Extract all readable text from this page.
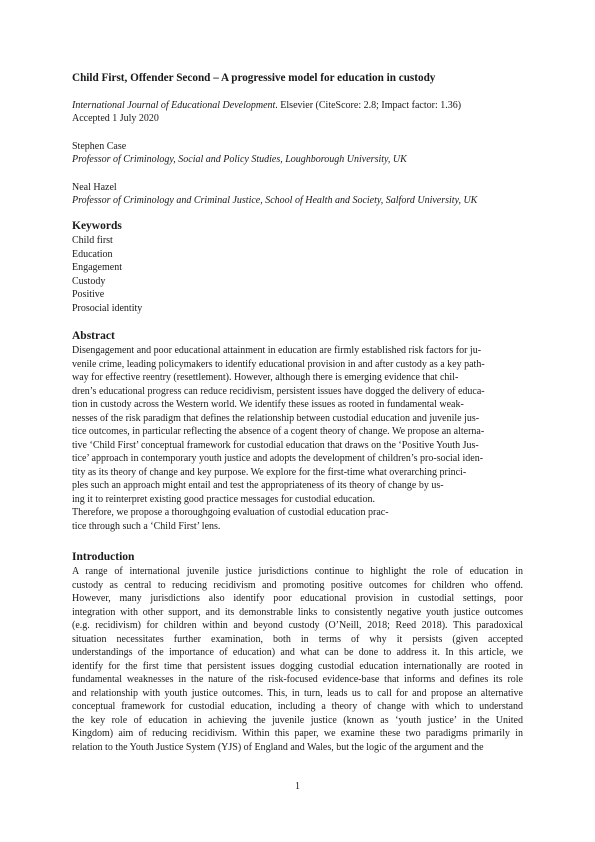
Child First, Offender Second – A progressive model for education in custody
International Journal of Educational Development. Elsevier (CiteScore: 2.8; Impact factor: 1.36)
Accepted 1 July 2020
Stephen Case
Professor of Criminology, Social and Policy Studies, Loughborough University, UK
Neal Hazel
Professor of Criminology and Criminal Justice, School of Health and Society, Salford University, UK
Keywords
Child first
Education
Engagement
Custody
Positive
Prosocial identity
Abstract
Disengagement and poor educational attainment in education are firmly established risk factors for ju-
venile crime, leading policymakers to identify educational provision in and after custody as a key path-
way for effective reentry (resettlement). However, although there is emerging evidence that chil-
dren’s educational progress can reduce recidivism, persistent issues have dogged the delivery of educa-
tion in custody across the Western world. We identify these issues as rooted in fundamental weak-
nesses of the risk paradigm that defines the relationship between custodial education and juvenile jus-
tice outcomes, in particular reflecting the absence of a cogent theory of change. We propose an alterna-
tive ‘Child First’ conceptual framework for custodial education that draws on the ‘Positive Youth Jus-
tice’ approach in contemporary youth justice and adopts the development of children’s pro-social iden-
tity as its theory of change and key purpose. We explore for the first-time what overarching princi-
ples such an approach might entail and test the appropriateness of its theory of change by us-
ing it to reinterpret existing good practice messages for custodial education.
Therefore, we propose a thoroughgoing evaluation of custodial education prac-
tice through such a ‘Child First’ lens.
Introduction
A range of international juvenile justice jurisdictions continue to highlight the role of education in
custody as central to reducing recidivism and promoting positive outcomes for children who offend.
However, many jurisdictions also identify poor educational provision in custodial settings, poor
integration with other support, and its demonstrable links to consistently negative youth justice outcomes
(e.g. recidivism) for children within and beyond custody (O’Neill, 2018; Reed 2018). This paradoxical
situation necessitates further examination, both in terms of why it persists (given accepted
understandings of the importance of education) and what can be done to address it. In this article, we
identify for the first time that persistent issues dogging custodial education internationally are rooted in
fundamental weaknesses in the nature of the risk-focused evidence-base that informs and defines its role
and relationship with youth justice outcomes. This, in turn, leads us to call for and propose an alternative
conceptual framework for custodial education, including a theory of change with which to understand
the key role of education in achieving the juvenile justice (known as ‘youth justice’ in the United
Kingdom) aim of reducing recidivism. Within this paper, we examine these two paradigms primarily in
relation to the Youth Justice System (YJS) of England and Wales, but the logic of the argument and the
1
